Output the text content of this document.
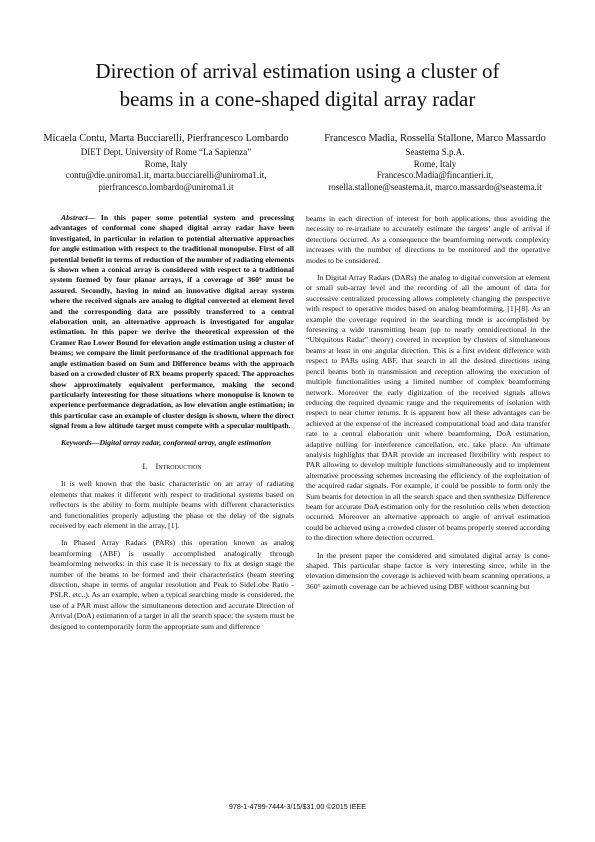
Direction of arrival estimation using a cluster of
beams in a cone-shaped digital array radar
Micaela Contu, Marta Bucciarelli, Pierfrancesco Lombardo
DIET Dept. University of Rome “La Sapienza”
Rome, Italy
contu@die.uniroma1.it, marta.bucciarelli@uniroma1.it,
pierfrancesco.lombardo@uniroma1.it
Francesco Madia, Rossella Stallone, Marco Massardo
Seastema S.p.A.
Rome, Italy
Francesco.Madia@fincantieri.it,
rosella.stallone@seastema.it, marco.massardo@seastema.it

Abstract— In this paper some potential system and processing advantages of conformal cone shaped digital array radar have been investigated, in particular in relation to potential alternative approaches for angle estimation with respect to the traditional monopulse. First of all potential benefit in terms of reduction of the number of radiating elements is shown when a conical array is considered with respect to a traditional system formed by four planar arrays, if a coverage of 360° must be assured. Secondly, having in mind an innovative digital array system where the received signals are analog to digital converted at element level and the corresponding data are possibly transferred to a central elaboration unit, an alternative approach is investigated for angular estimation. In this paper we derive the theoretical expression of the Cramer Rao Lower Bound for elevation angle estimation using a cluster of beams; we compare the limit performance of the traditional approach for angle estimation based on Sum and Difference beams with the approach based on a crowded cluster of RX beams properly spaced. The approaches show approximately equivalent performance, making the second particularly interesting for those situations where monopulse is known to experience performance degradation, as low elevation angle estimation; in this particular case an example of cluster design is shown, where the direct signal from a low altitude target must compete with a specular multipath.

Keywords—Digital array radar, conformal array, angle estimation

I. Introduction

It is well known that the basic characteristic on an array of radiating elements that makes it different with respect to traditional systems based on reflectors is the ability to form multiple beams with different characteristics and functionalities properly adjusting the phase or the delay of the signals received by each element in the array, [1].

In Phased Array Radars (PARs) this operation known as analog beamforming (ABF) is usually accomplished analogically through beamforming networks: in this case it is necessary to fix at design stage the number of the beams to be formed and their characteristics (beam steering direction, shape in terms of angular resolution and Peak to SideLobe Ratio - PSLR, etc..). As an example, when a typical searching mode is considered, the use of a PAR must allow the simultaneous detection and accurate Direction of Arrival (DoA) estimation of a target in all the search space; the system must be designed to contemporarily form the appropriate sum and difference

beams in each direction of interest for both applications, thus avoiding the necessity to re-irradiate to accurately estimate the targets’ angle of arrival if detections occurred. As a consequence the beamforming network complexity increases with the number of directions to be monitored and the operative modes to be considered.

In Digital Array Radars (DARs) the analog to digital conversion at element or small sub-array level and the recording of all the amount of data for successive centralized processing allows completely changing the perspective with respect to operative modes based on analog beamforming, [1]-[8]. As an example the coverage required in the searching mode is accomplished by foreseeing a wide transmitting beam (up to nearly omnidirectional in the “Ubiquitous Radar” theory) covered in reception by clusters of simultaneous beams at least in one angular direction. This is a first evident difference with respect to PARs using ABF, that search in all the desired directions using pencil beams both in transmission and reception allowing the execution of multiple functionalities using a limited number of complex beamforming network. Moreover the early digitization of the received signals allows reducing the required dynamic range and the requirements of isolation with respect to near clutter returns. It is apparent how all these advantages can be achieved at the expense of the increased computational load and data transfer rate to a central elaboration unit where beamforming, DoA estimation, adaptive nulling for interference cancellation, etc. take place. An ultimate analysis highlights that DAR provide an increased flexibility with respect to PAR allowing to develop multiple functions simultaneously and to implement alternative processing schemes increasing the efficiency of the exploitation of the acquired radar signals. For example, it could be possible to form only the Sum beams for detection in all the search space and then synthesize Difference beam for accurate DoA estimation only for the resolution cells when detection occurred. Moreover an alternative approach to angle of arrival estimation could be achieved using a crowded cluster of beams properly steered according to the direction where detection occurred.

In the present paper the considered and simulated digital array is cone-shaped. This particular shape factor is very interesting since, while in the elevation dimension the coverage is achieved with beam scanning operations, a 360° azimuth coverage can be achieved using DBF without scanning but

978-1-4799-7444-3/15/$31.00 ©2015 IEEE
